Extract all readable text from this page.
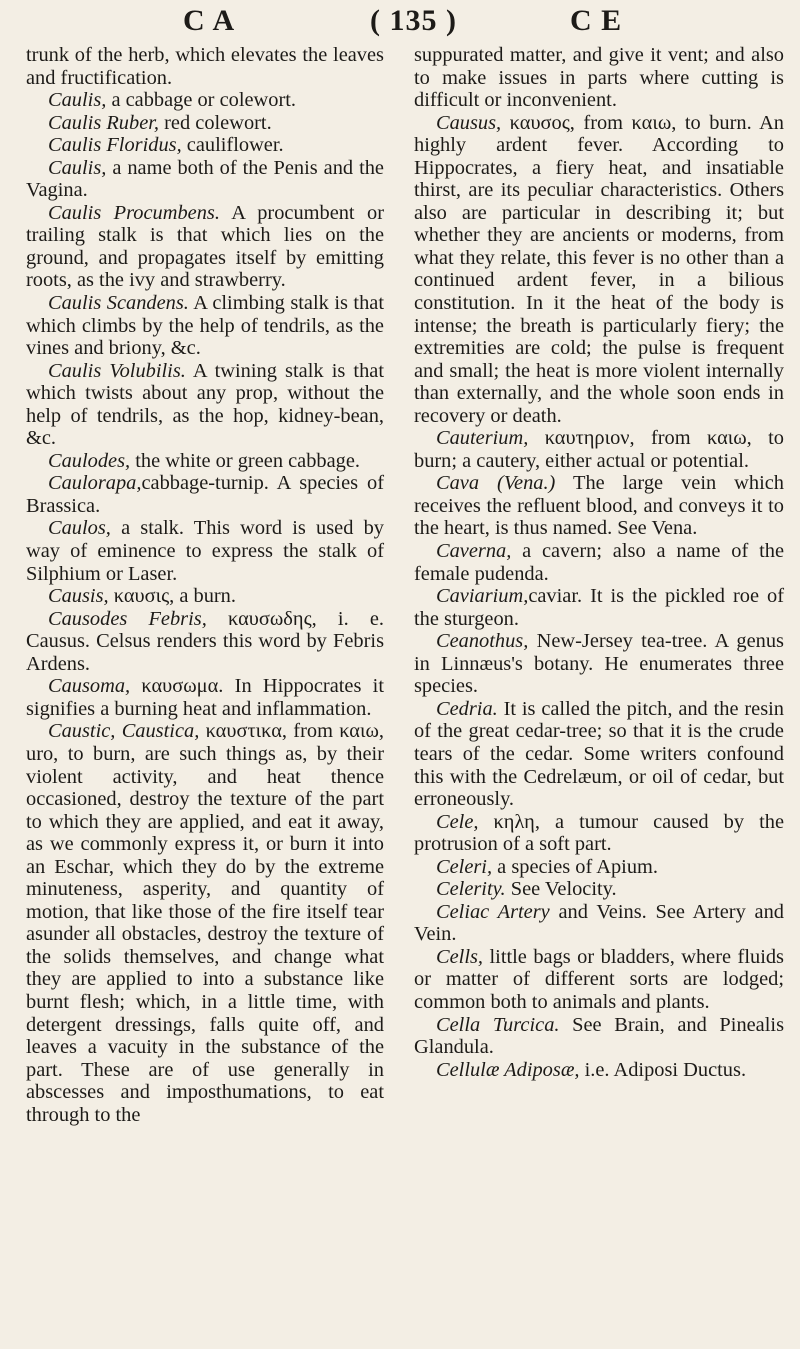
C A	( 135 )	C E

trunk of the herb, which elevates the leaves and fructification.

Caulis, a cabbage or colewort.

Caulis Ruber, red colewort.

Caulis Floridus, cauliflower.

Caulis, a name both of the Penis and the Vagina.

Caulis Procumbens. A procumbent or trailing stalk is that which lies on the ground, and propagates itself by emitting roots, as the ivy and strawberry.

Caulis Scandens. A climbing stalk is that which climbs by the help of tendrils, as the vines and briony, &c.

Caulis Volubilis. A twining stalk is that which twists about any prop, without the help of tendrils, as the hop, kidney-bean, &c.

Caulodes, the white or green cabbage.

Caulorapa,cabbage-turnip. A species of Brassica.

Caulos, a stalk. This word is used by way of eminence to express the stalk of Silphium or Laser.

Causis, καυσις, a burn.

Causodes Febris, καυσωδης, i. e. Causus. Celsus renders this word by Febris Ardens.

Causoma, καυσωμα. In Hippocrates it signifies a burning heat and inflammation.

Caustic, Caustica, καυστικα, from καιω, uro, to burn, are such things as, by their violent activity, and heat thence occasioned, destroy the texture of the part to which they are applied, and eat it away, as we commonly express it, or burn it into an Eschar, which they do by the extreme minuteness, asperity, and quantity of motion, that like those of the fire itself tear asunder all obstacles, destroy the texture of the solids themselves, and change what they are applied to into a substance like burnt flesh; which, in a little time, with detergent dressings, falls quite off, and leaves a vacuity in the substance of the part. These are of use generally in abscesses and imposthumations, to eat through to the

suppurated matter, and give it vent; and also to make issues in parts where cutting is difficult or inconvenient.

Causus, καυσος, from καιω, to burn. An highly ardent fever. According to Hippocrates, a fiery heat, and insatiable thirst, are its peculiar characteristics. Others also are particular in describing it; but whether they are ancients or moderns, from what they relate, this fever is no other than a continued ardent fever, in a bilious constitution. In it the heat of the body is intense; the breath is particularly fiery; the extremities are cold; the pulse is frequent and small; the heat is more violent internally than externally, and the whole soon ends in recovery or death.

Cauterium, καυτηριον, from καιω, to burn; a cautery, either actual or potential.

Cava (Vena.) The large vein which receives the refluent blood, and conveys it to the heart, is thus named. See Vena.

Caverna, a cavern; also a name of the female pudenda.

Caviarium,caviar. It is the pickled roe of the sturgeon.

Ceanothus, New-Jersey tea-tree. A genus in Linnæus's botany. He enumerates three species.

Cedria. It is called the pitch, and the resin of the great cedar-tree; so that it is the crude tears of the cedar. Some writers confound this with the Cedrelæum, or oil of cedar, but erroneously.

Cele, κηλη, a tumour caused by the protrusion of a soft part.

Celeri, a species of Apium.

Celerity. See Velocity.

Celiac Artery and Veins. See Artery and Vein.

Cells, little bags or bladders, where fluids or matter of different sorts are lodged; common both to animals and plants.

Cella Turcica. See Brain, and Pinealis Glandula.

Cellulæ Adiposæ, i.e. Adiposi Ductus.
